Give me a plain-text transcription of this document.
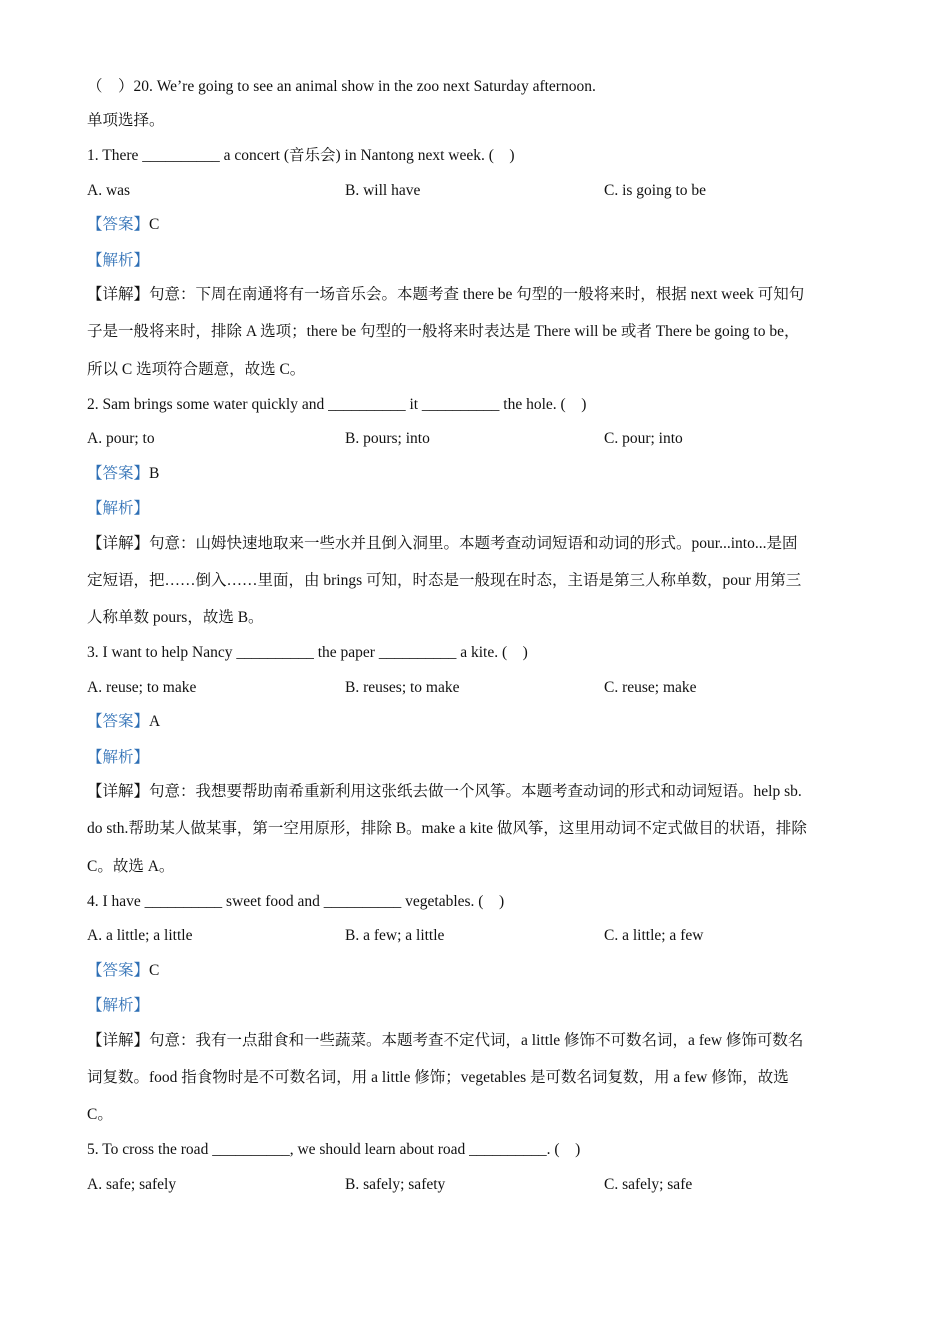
（　）20. We’re going to see an animal show in the zoo next Saturday afternoon.
单项选择。
1. There __________ a concert (音乐会) in Nantong next week. (　)
A. was	B. will have	C. is going to be
【答案】C
【解析】
【详解】句意：下周在南通将有一场音乐会。本题考查 there be 句型的一般将来时，根据 next week 可知句
子是一般将来时，排除 A 选项；there be 句型的一般将来时表达是 There will be 或者 There be going to be，
所以 C 选项符合题意，故选 C。
2. Sam brings some water quickly and __________ it __________ the hole. (　)
A. pour; to	B. pours; into	C. pour; into
【答案】B
【解析】
【详解】句意：山姆快速地取来一些水并且倒入洞里。本题考查动词短语和动词的形式。pour...into...是固
定短语，把……倒入……里面，由 brings 可知，时态是一般现在时态，主语是第三人称单数，pour 用第三
人称单数 pours，故选 B。
3. I want to help Nancy __________ the paper __________ a kite. (　)
A. reuse; to make	B. reuses; to make	C. reuse; make
【答案】A
【解析】
【详解】句意：我想要帮助南希重新利用这张纸去做一个风筝。本题考查动词的形式和动词短语。help sb.
do sth.帮助某人做某事，第一空用原形，排除 B。make a kite 做风筝，这里用动词不定式做目的状语，排除
C。故选 A。
4. I have __________ sweet food and __________ vegetables. (　)
A. a little; a little	B. a few; a little	C. a little; a few
【答案】C
【解析】
【详解】句意：我有一点甜食和一些蔬菜。本题考查不定代词，a little 修饰不可数名词，a few 修饰可数名
词复数。food 指食物时是不可数名词，用 a little 修饰；vegetables 是可数名词复数，用 a few 修饰，故选
C。
5. To cross the road __________, we should learn about road __________. (　)
A. safe; safely	B. safely; safety	C. safely; safe
